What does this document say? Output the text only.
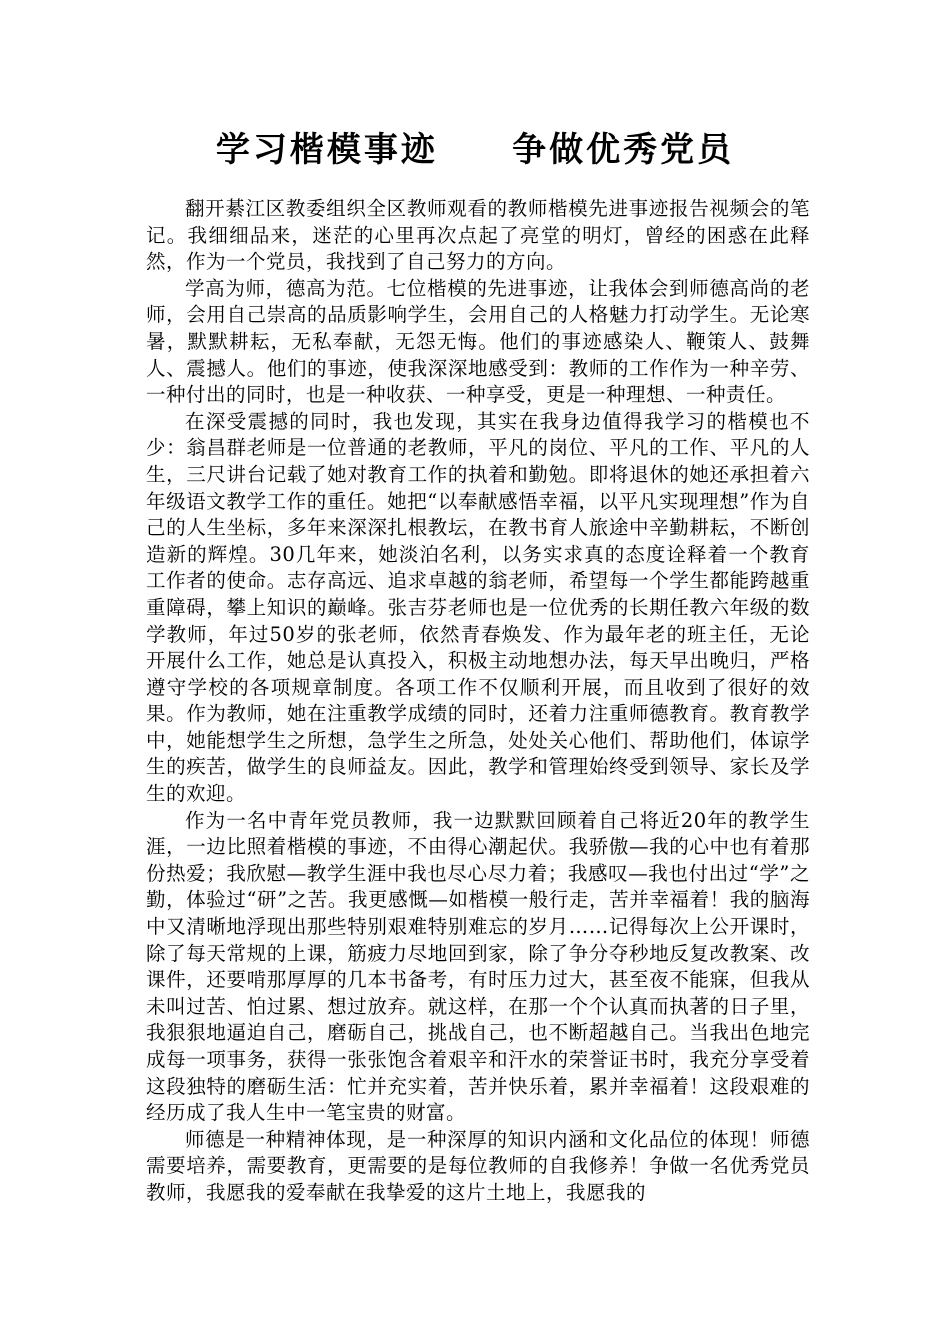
学习楷模事迹     争做优秀党员

翻开綦江区教委组织全区教师观看的教师楷模先进事迹报告视频会的笔记。我细细品来，迷茫的心里再次点起了亮堂的明灯，曾经的困惑在此释然，作为一个党员，我找到了自己努力的方向。

学高为师，德高为范。七位楷模的先进事迹，让我体会到师德高尚的老师，会用自己崇高的品质影响学生，会用自己的人格魅力打动学生。无论寒暑，默默耕耘，无私奉献，无怨无悔。他们的事迹感染人、鞭策人、鼓舞人、震撼人。他们的事迹，使我深深地感受到：教师的工作作为一种辛劳、一种付出的同时，也是一种收获、一种享受，更是一种理想、一种责任。

在深受震撼的同时，我也发现，其实在我身边值得我学习的楷模也不少：翁昌群老师是一位普通的老教师，平凡的岗位、平凡的工作、平凡的人生，三尺讲台记载了她对教育工作的执着和勤勉。即将退休的她还承担着六年级语文教学工作的重任。她把“以奉献感悟幸福，以平凡实现理想”作为自己的人生坐标，多年来深深扎根教坛，在教书育人旅途中辛勤耕耘，不断创造新的辉煌。30几年来，她淡泊名利，以务实求真的态度诠释着一个教育工作者的使命。志存高远、追求卓越的翁老师，希望每一个学生都能跨越重重障碍，攀上知识的巅峰。张吉芬老师也是一位优秀的长期任教六年级的数学教师，年过50岁的张老师，依然青春焕发、作为最年老的班主任，无论开展什么工作，她总是认真投入，积极主动地想办法，每天早出晚归，严格遵守学校的各项规章制度。各项工作不仅顺利开展，而且收到了很好的效果。作为教师，她在注重教学成绩的同时，还着力注重师德教育。教育教学中，她能想学生之所想，急学生之所急，处处关心他们、帮助他们，体谅学生的疾苦，做学生的良师益友。因此，教学和管理始终受到领导、家长及学生的欢迎。

作为一名中青年党员教师，我一边默默回顾着自己将近20年的教学生涯，一边比照着楷模的事迹，不由得心潮起伏。我骄傲—我的心中也有着那份热爱；我欣慰—教学生涯中我也尽心尽力着；我感叹—我也付出过“学”之勤，体验过“研”之苦。我更感慨—如楷模一般行走，苦并幸福着！我的脑海中又清晰地浮现出那些特别艰难特别难忘的岁月……记得每次上公开课时，除了每天常规的上课，筋疲力尽地回到家，除了争分夺秒地反复改教案、改课件，还要啃那厚厚的几本书备考，有时压力过大，甚至夜不能寐，但我从未叫过苦、怕过累、想过放弃。就这样，在那一个个认真而执著的日子里，我狠狠地逼迫自己，磨砺自己，挑战自己，也不断超越自己。当我出色地完成每一项事务，获得一张张饱含着艰辛和汗水的荣誉证书时，我充分享受着这段独特的磨砺生活：忙并充实着，苦并快乐着，累并幸福着！这段艰难的经历成了我人生中一笔宝贵的财富。

师德是一种精神体现，是一种深厚的知识内涵和文化品位的体现！师德需要培养，需要教育，更需要的是每位教师的自我修养！争做一名优秀党员教师，我愿我的爱奉献在我挚爱的这片土地上，我愿我的
